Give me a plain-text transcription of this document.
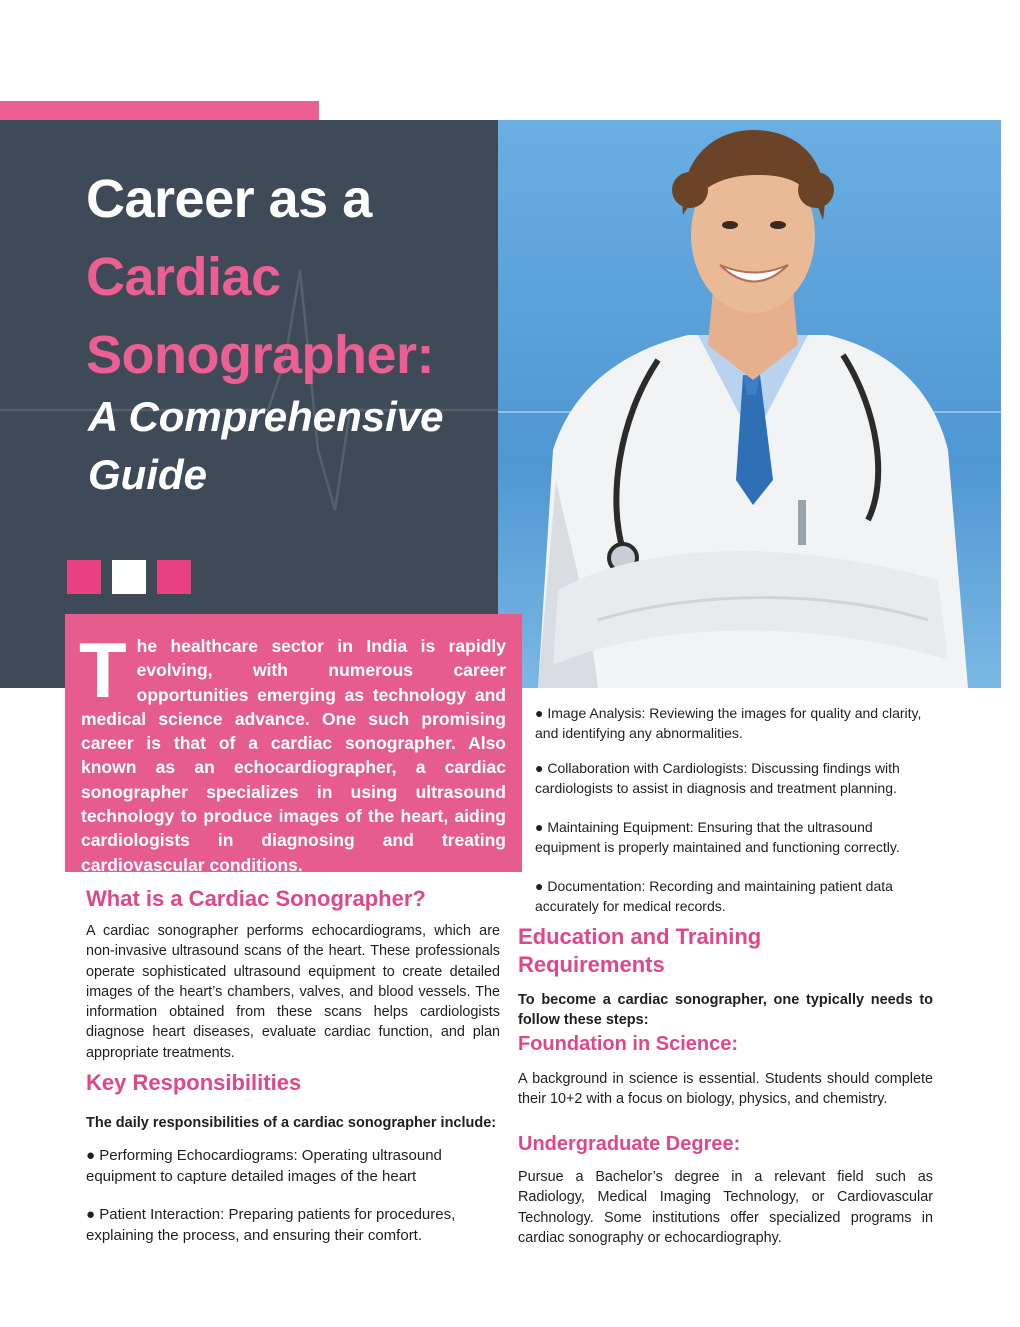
Career as a
Cardiac
Sonographer:

A Comprehensive
Guide

T he healthcare sector in India is rapidly evolving, with numerous career opportunities emerging as technology and medical science advance. One such promising career is that of a cardiac sonographer. Also known as an echocardiographer, a cardiac sonographer specializes in using ultrasound technology to produce images of the heart, aiding cardiologists in diagnosing and treating cardiovascular conditions.

What is a Cardiac Sonographer?

A cardiac sonographer performs echocardiograms, which are non-invasive ultrasound scans of the heart. These professionals operate sophisticated ultrasound equipment to create detailed images of the heart’s chambers, valves, and blood vessels. The information obtained from these scans helps cardiologists diagnose heart diseases, evaluate cardiac function, and plan appropriate treatments.

Key Responsibilities

The daily responsibilities of a cardiac sonographer include:

● Performing Echocardiograms: Operating ultrasound equipment to capture detailed images of the heart

● Patient Interaction: Preparing patients for procedures, explaining the process, and ensuring their comfort.

● Image Analysis: Reviewing the images for quality and clarity, and identifying any abnormalities.

● Collaboration with Cardiologists: Discussing findings with cardiologists to assist in diagnosis and treatment planning.

● Maintaining Equipment: Ensuring that the ultrasound equipment is properly maintained and functioning correctly.

● Documentation: Recording and maintaining patient data accurately for medical records.

Education and Training
Requirements

To become a cardiac sonographer, one typically needs to follow these steps:

Foundation in Science:

A background in science is essential. Students should complete their 10+2 with a focus on biology, physics, and chemistry.

Undergraduate Degree:

Pursue a Bachelor’s degree in a relevant field such as Radiology, Medical Imaging Technology, or Cardiovascular Technology. Some institutions offer specialized programs in cardiac sonography or echocardiography.
